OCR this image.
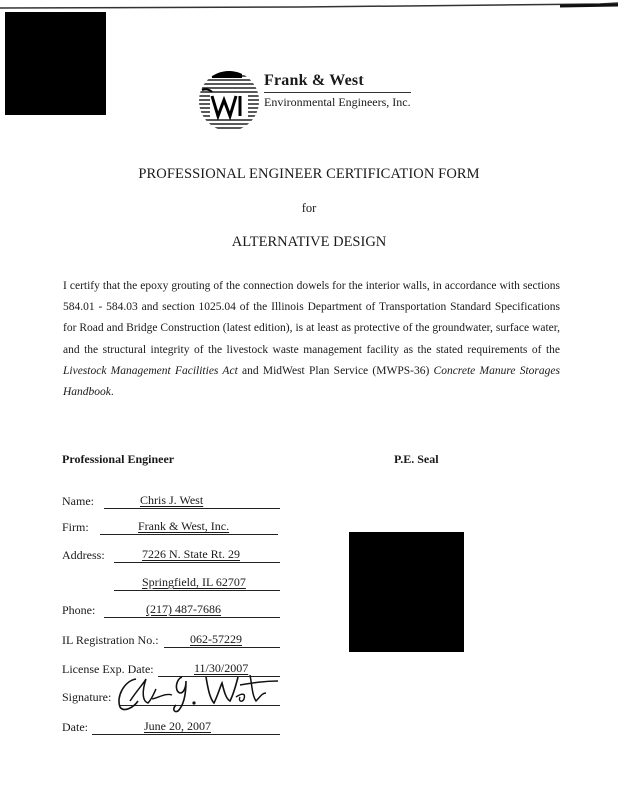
Frank & West
Environmental Engineers, Inc.
PROFESSIONAL ENGINEER CERTIFICATION FORM
for
ALTERNATIVE DESIGN
I certify that the epoxy grouting of the connection dowels for the interior walls, in accordance with sections 584.01 - 584.03 and section 1025.04 of the Illinois Department of Transportation Standard Specifications for Road and Bridge Construction (latest edition), is at least as protective of the groundwater, surface water, and the structural integrity of the livestock waste management facility as the stated requirements of the Livestock Management Facilities Act and MidWest Plan Service (MWPS-36) Concrete Manure Storages Handbook.
Professional Engineer	P.E. Seal
Name:	Chris J. West
Firm:	Frank & West, Inc.
Address:	7226 N. State Rt. 29
Springfield, IL 62707
Phone:	(217) 487-7686
IL Registration No.:	062-57229
License Exp. Date:	11/30/2007
Signature:
Date:	June 20, 2007
